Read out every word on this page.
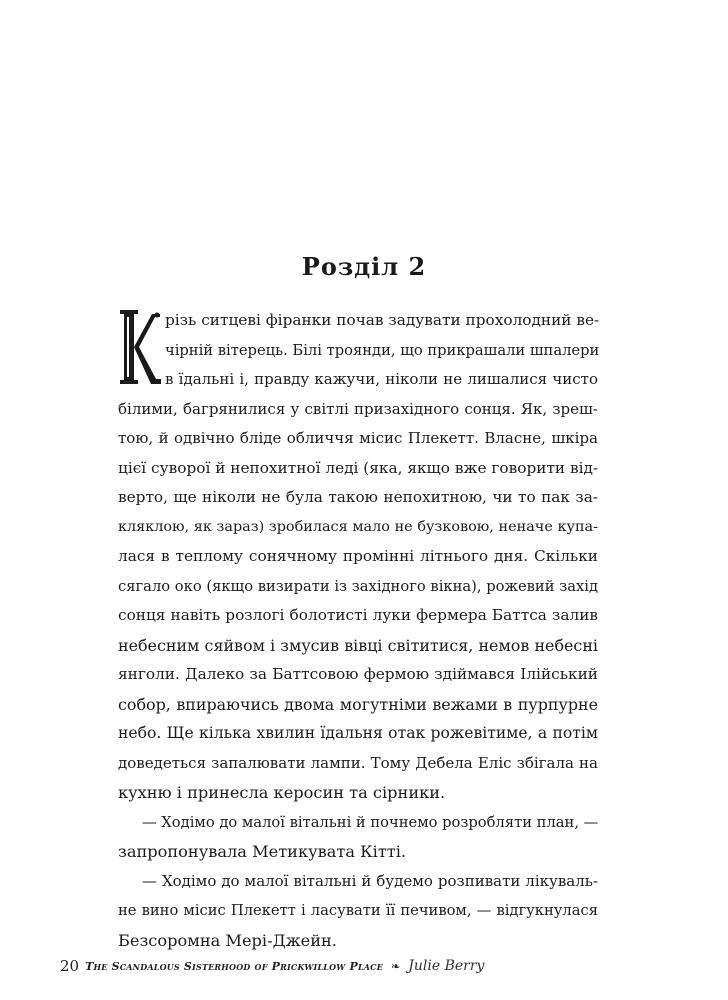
Розділ 2
різь ситцеві фіранки почав задувати прохолодний ве-
чірній вітерець. Білі троянди, що прикрашали шпалери
в їдальні і, правду кажучи, ніколи не лишалися чисто
білими, багрянилися у світлі призахідного сонця. Як, зреш-
тою, й одвічно бліде обличчя місис Плекетт. Власне, шкіра
цієї суворої й непохитної леді (яка, якщо вже говорити від-
верто, ще ніколи не була такою непохитною, чи то пак за-
кляклою, як зараз) зробилася мало не бузковою, неначе купа-
лася в теплому сонячному промінні літнього дня. Скільки
сягало око (якщо визирати із західного вікна), рожевий захід
сонця навіть розлогі болотисті луки фермера Баттса залив
небесним сяйвом і змусив вівці світитися, немов небесні
янголи. Далеко за Баттсовою фермою здіймався Ілійський
собор, впираючись двома могутніми вежами в пурпурне
небо. Ще кілька хвилин їдальня отак рожевітиме, а потім
доведеться запалювати лампи. Тому Дебела Еліс збігала на
кухню і принесла керосин та сірники.
— Ходімо до малої вітальні й почнемо розробляти план, —
запропонувала Метикувата Кітті.
— Ходімо до малої вітальні й будемо розпивати лікуваль-
не вино місис Плекетт і ласувати її печивом, — відгукнулася
Безсоромна Мері-Джейн.
20 The Scandalous Sisterhood of Prickwillow Place ❧ Julie Berry
